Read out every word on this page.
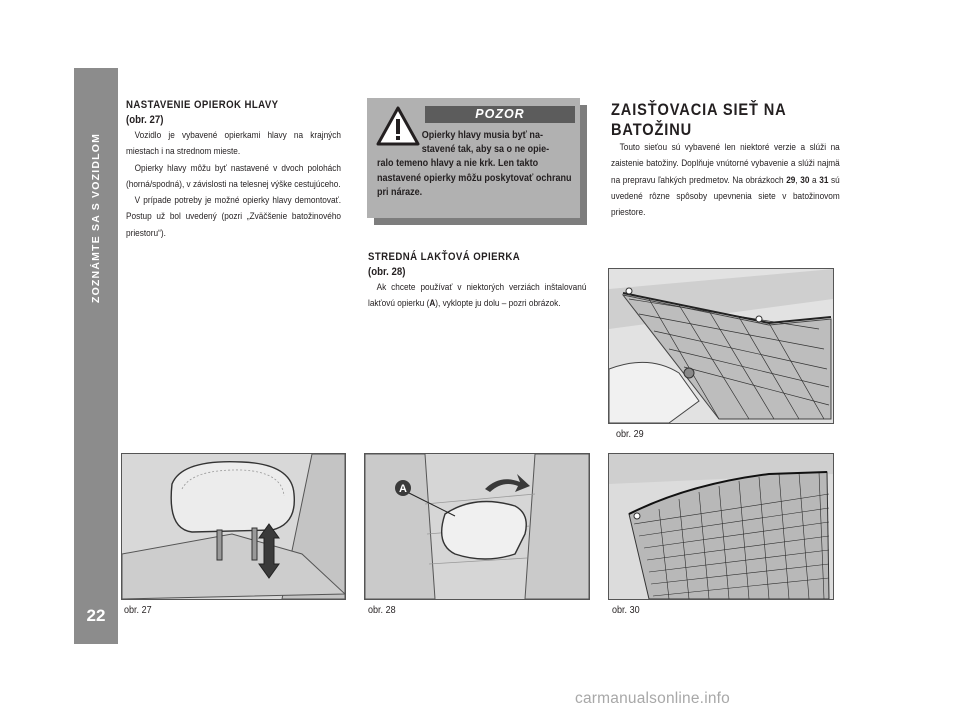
ZOZNÁMTE SA S VOZIDLOM
22

NASTAVENIE OPIEROK HLAVY

(obr. 27)

Vozidlo je vybavené opierkami hlavy na krajných miestach i na strednom mieste.

Opierky hlavy môžu byť nastavené v dvoch polohách (horná/spodná), v závislosti na telesnej výške cestujúceho.

V prípade potreby je možné opierky hlavy demontovať. Postup už bol uvedený (pozri „Zväčšenie batožinového priestoru“).

POZOR
Opierky hlavy musia byť na-
stavené tak, aby sa o ne opie-
ralo temeno hlavy a nie krk. Len takto nastavené opierky môžu poskytovať ochranu pri náraze.

STREDNÁ LAKŤOVÁ OPIERKA

(obr. 28)

Ak chcete používať v niektorých verziách inštalovanú lakťovú opierku (A), vyklopte ju dolu – pozri obrázok.

ZAISŤOVACIA SIEŤ NA
BATOŽINU

Touto sieťou sú vybavené len niektoré verzie a slúži na zaistenie batožiny. Doplňuje vnútorné vybavenie a slúži najmä na prepravu ľahkých predmetov. Na obrázkoch 29, 30 a 31 sú uvedené rôzne spôsoby upevnenia siete v batožinovom priestore.

obr. 29
obr. 27
A
obr. 28	obr. 30
carmanualsonline.info
